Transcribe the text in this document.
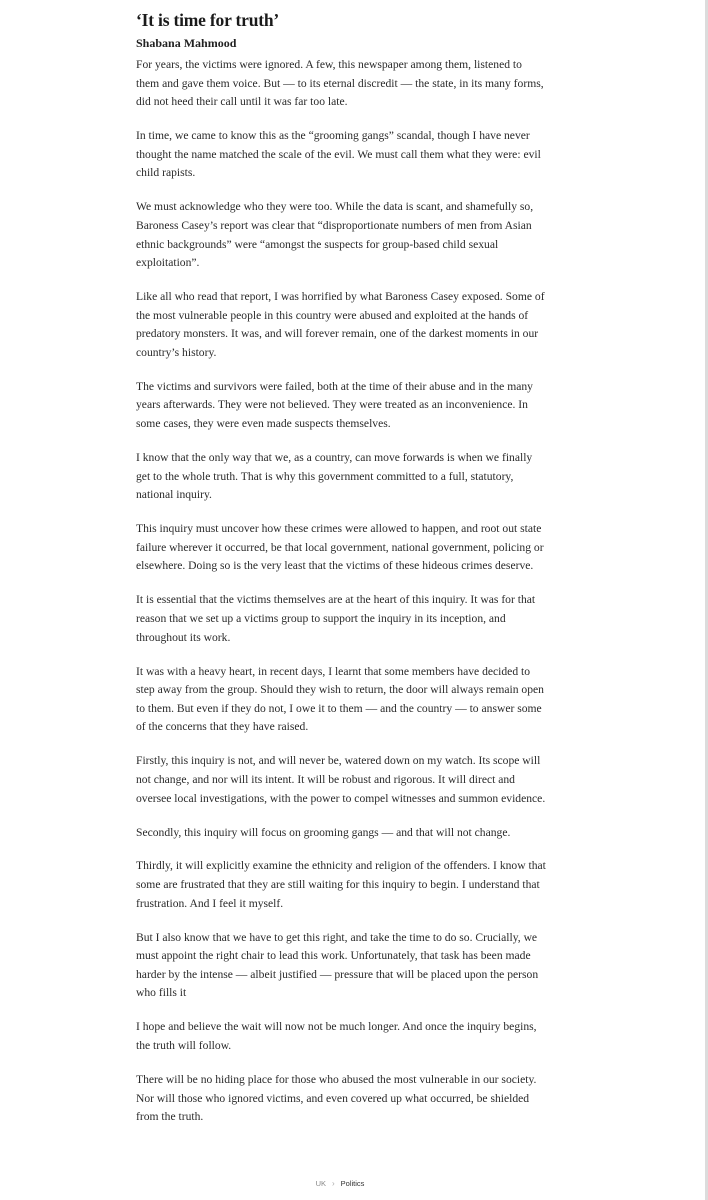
‘It is time for truth’
Shabana Mahmood

For years, the victims were ignored. A few, this newspaper among them, listened to them and gave them voice. But — to its eternal discredit — the state, in its many forms, did not heed their call until it was far too late.

In time, we came to know this as the “grooming gangs” scandal, though I have never thought the name matched the scale of the evil. We must call them what they were: evil child rapists.

We must acknowledge who they were too. While the data is scant, and shamefully so, Baroness Casey’s report was clear that “disproportionate numbers of men from Asian ethnic backgrounds” were “amongst the suspects for group-based child sexual exploitation”.

Like all who read that report, I was horrified by what Baroness Casey exposed. Some of the most vulnerable people in this country were abused and exploited at the hands of predatory monsters. It was, and will forever remain, one of the darkest moments in our country’s history.

The victims and survivors were failed, both at the time of their abuse and in the many years afterwards. They were not believed. They were treated as an inconvenience. In some cases, they were even made suspects themselves.

I know that the only way that we, as a country, can move forwards is when we finally get to the whole truth. That is why this government committed to a full, statutory, national inquiry.

This inquiry must uncover how these crimes were allowed to happen, and root out state failure wherever it occurred, be that local government, national government, policing or elsewhere. Doing so is the very least that the victims of these hideous crimes deserve.

It is essential that the victims themselves are at the heart of this inquiry. It was for that reason that we set up a victims group to support the inquiry in its inception, and throughout its work.

It was with a heavy heart, in recent days, I learnt that some members have decided to step away from the group. Should they wish to return, the door will always remain open to them. But even if they do not, I owe it to them — and the country — to answer some of the concerns that they have raised.

Firstly, this inquiry is not, and will never be, watered down on my watch. Its scope will not change, and nor will its intent. It will be robust and rigorous. It will direct and oversee local investigations, with the power to compel witnesses and summon evidence.

Secondly, this inquiry will focus on grooming gangs — and that will not change.

Thirdly, it will explicitly examine the ethnicity and religion of the offenders. I know that some are frustrated that they are still waiting for this inquiry to begin. I understand that frustration. And I feel it myself.

But I also know that we have to get this right, and take the time to do so. Crucially, we must appoint the right chair to lead this work. Unfortunately, that task has been made harder by the intense — albeit justified — pressure that will be placed upon the person who fills it

I hope and believe the wait will now not be much longer. And once the inquiry begins, the truth will follow.

There will be no hiding place for those who abused the most vulnerable in our society. Nor will those who ignored victims, and even covered up what occurred, be shielded from the truth.

UK › Politics
